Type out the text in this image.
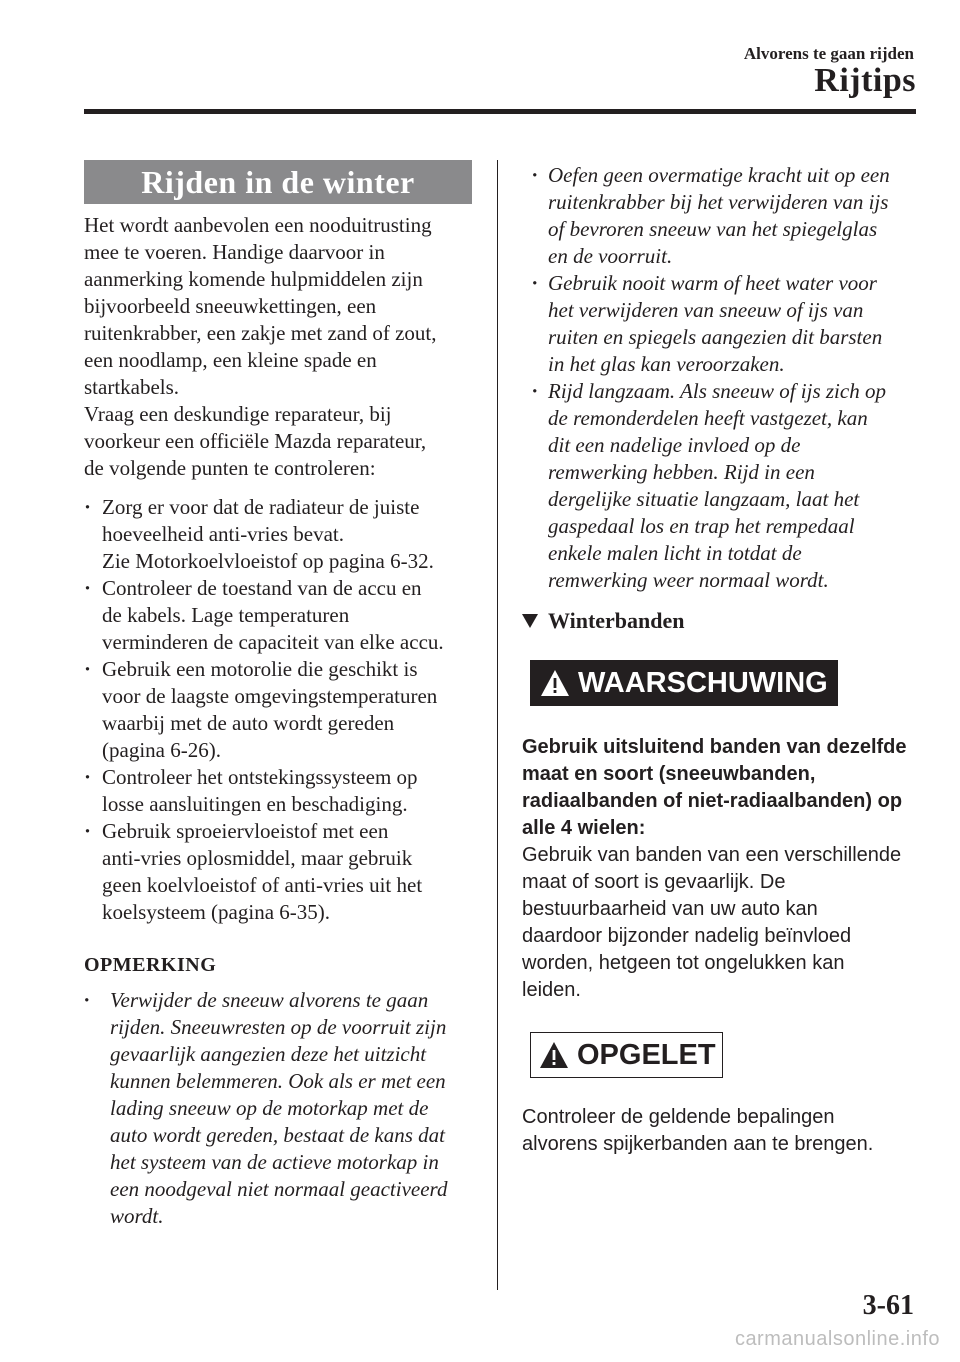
Alvorens te gaan rijden
Rijtips
Rijden in de winter

Het wordt aanbevolen een nooduitrusting

mee te voeren. Handige daarvoor in

aanmerking komende hulpmiddelen zijn

bijvoorbeeld sneeuwkettingen, een

ruitenkrabber, een zakje met zand of zout,

een noodlamp, een kleine spade en

startkabels.

Vraag een deskundige reparateur, bij

voorkeur een officiële Mazda reparateur,

de volgende punten te controleren:

· Zorg er voor dat de radiateur de juiste
hoeveelheid anti-vries bevat.
Zie Motorkoelvloeistof op pagina 6-32.
· Controleer de toestand van de accu en
de kabels. Lage temperaturen
verminderen de capaciteit van elke accu.
· Gebruik een motorolie die geschikt is
voor de laagste omgevingstemperaturen
waarbij met de auto wordt gereden
(pagina 6-26).
· Controleer het ontstekingssysteem op
losse aansluitingen en beschadiging.
· Gebruik sproeiervloeistof met een
anti-vries oplosmiddel, maar gebruik
geen koelvloeistof of anti-vries uit het
koelsysteem (pagina 6-35).
OPMERKING
· Verwijder de sneeuw alvorens te gaan
rijden. Sneeuwresten op de voorruit zijn
gevaarlijk aangezien deze het uitzicht
kunnen belemmeren. Ook als er met een
lading sneeuw op de motorkap met de
auto wordt gereden, bestaat de kans dat
het systeem van de actieve motorkap in
een noodgeval niet normaal geactiveerd
wordt.
· Oefen geen overmatige kracht uit op een
ruitenkrabber bij het verwijderen van ijs
of bevroren sneeuw van het spiegelglas
en de voorruit.
· Gebruik nooit warm of heet water voor
het verwijderen van sneeuw of ijs van
ruiten en spiegels aangezien dit barsten
in het glas kan veroorzaken.
· Rijd langzaam. Als sneeuw of ijs zich op
de remonderdelen heeft vastgezet, kan
dit een nadelige invloed op de
remwerking hebben. Rijd in een
dergelijke situatie langzaam, laat het
gaspedaal los en trap het rempedaal
enkele malen licht in totdat de
remwerking weer normaal wordt.
Winterbanden
WAARSCHUWING

Gebruik uitsluitend banden van dezelfde

maat en soort (sneeuwbanden,

radiaalbanden of niet-radiaalbanden) op

alle 4 wielen:

Gebruik van banden van een verschillende

maat of soort is gevaarlijk. De

bestuurbaarheid van uw auto kan

daardoor bijzonder nadelig beïnvloed

worden, hetgeen tot ongelukken kan

leiden.

OPGELET

Controleer de geldende bepalingen

alvorens spijkerbanden aan te brengen.

3-61
carmanualsonline.info
